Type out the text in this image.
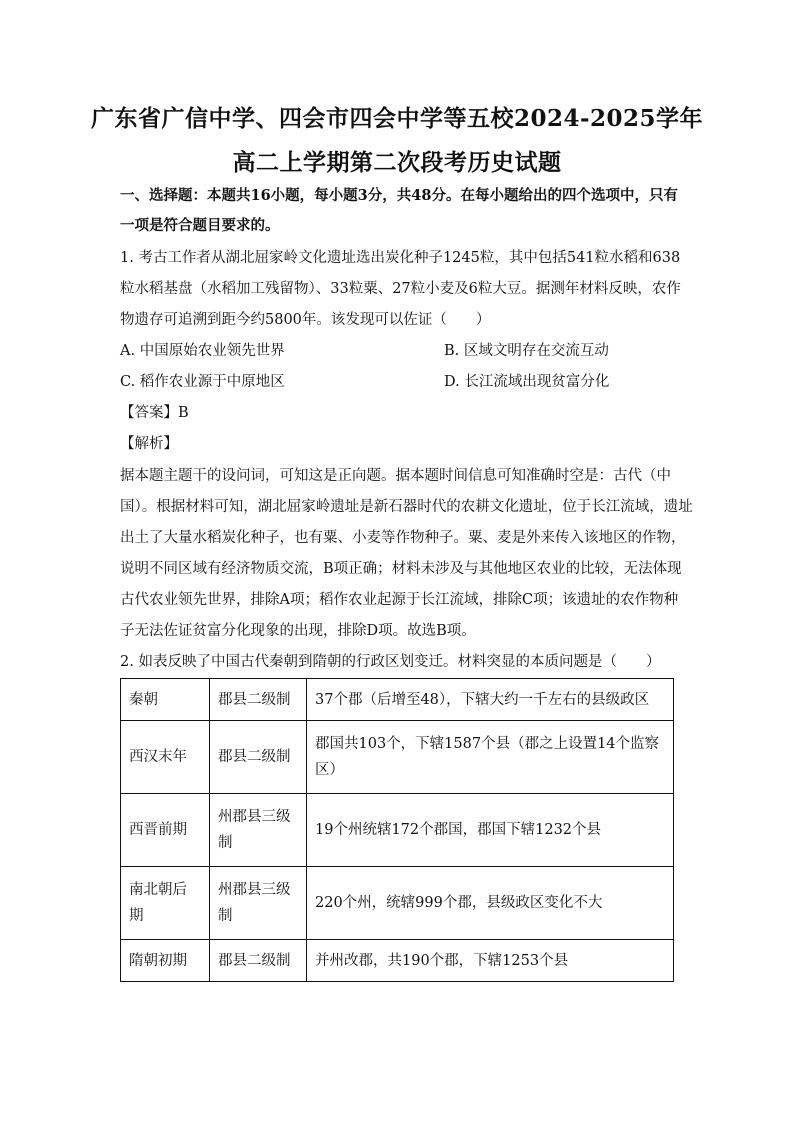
广东省广信中学、四会市四会中学等五校2024-2025学年
高二上学期第二次段考历史试题
一、选择题：本题共16小题，每小题3分，共48分。在每小题给出的四个选项中，只有
一项是符合题目要求的。
1. 考古工作者从湖北屈家岭文化遗址选出炭化种子1245粒，其中包括541粒水稻和638
粒水稻基盘（水稻加工残留物）、33粒粟、27粒小麦及6粒大豆。据测年材料反映，农作
物遗存可追溯到距今约5800年。该发现可以佐证（　　）
A. 中国原始农业领先世界	B. 区域文明存在交流互动
C. 稻作农业源于中原地区	D. 长江流域出现贫富分化
【答案】B
【解析】
据本题主题干的设问词，可知这是正向题。据本题时间信息可知准确时空是：古代（中
国）。根据材料可知，湖北屈家岭遗址是新石器时代的农耕文化遗址，位于长江流域，遗址
出土了大量水稻炭化种子，也有粟、小麦等作物种子。粟、麦是外来传入该地区的作物，
说明不同区域有经济物质交流，B项正确；材料未涉及与其他地区农业的比较，无法体现
古代农业领先世界，排除A项；稻作农业起源于长江流域，排除C项；该遗址的农作物种
子无法佐证贫富分化现象的出现，排除D项。故选B项。
2. 如表反映了中国古代秦朝到隋朝的行政区划变迁。材料突显的本质问题是（　　）
秦朝	郡县二级制	37个郡（后增至48），下辖大约一千左右的县级政区
西汉末年	郡县二级制	郡国共103个，下辖1587个县（郡之上设置14个监察区）
西晋前期	州郡县三级制	19个州统辖172个郡国，郡国下辖1232个县
南北朝后期	州郡县三级制	220个州，统辖999个郡，县级政区变化不大
隋朝初期	郡县二级制	并州改郡，共190个郡，下辖1253个县
